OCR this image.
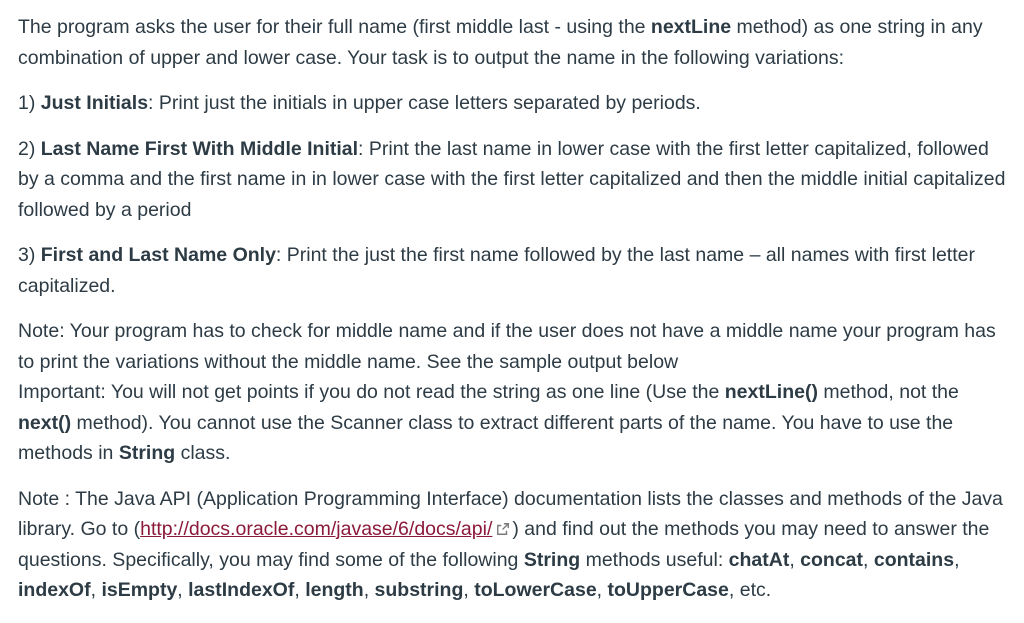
The program asks the user for their full name (first middle last - using the nextLine method) as one string in any combination of upper and lower case. Your task is to output the name in the following variations:

1) Just Initials: Print just the initials in upper case letters separated by periods.

2) Last Name First With Middle Initial: Print the last name in lower case with the first letter capitalized, followed by a comma and the first name in in lower case with the first letter capitalized and then the middle initial capitalized followed by a period

3) First and Last Name Only: Print the just the first name followed by the last name – all names with first letter capitalized.

Note: Your program has to check for middle name and if the user does not have a middle name your program has to print the variations without the middle name. See the sample output below

Important: You will not get points if you do not read the string as one line (Use the nextLine() method, not the next() method). You cannot use the Scanner class to extract different parts of the name. You have to use the methods in String class.

Note : The Java API (Application Programming Interface) documentation lists the classes and methods of the Java library. Go to (http://docs.oracle.com/javase/6/docs/api/ ) and find out the methods you may need to answer the questions. Specifically, you may find some of the following String methods useful: chatAt, concat, contains, indexOf, isEmpty, lastIndexOf, length, substring, toLowerCase, toUpperCase, etc.
